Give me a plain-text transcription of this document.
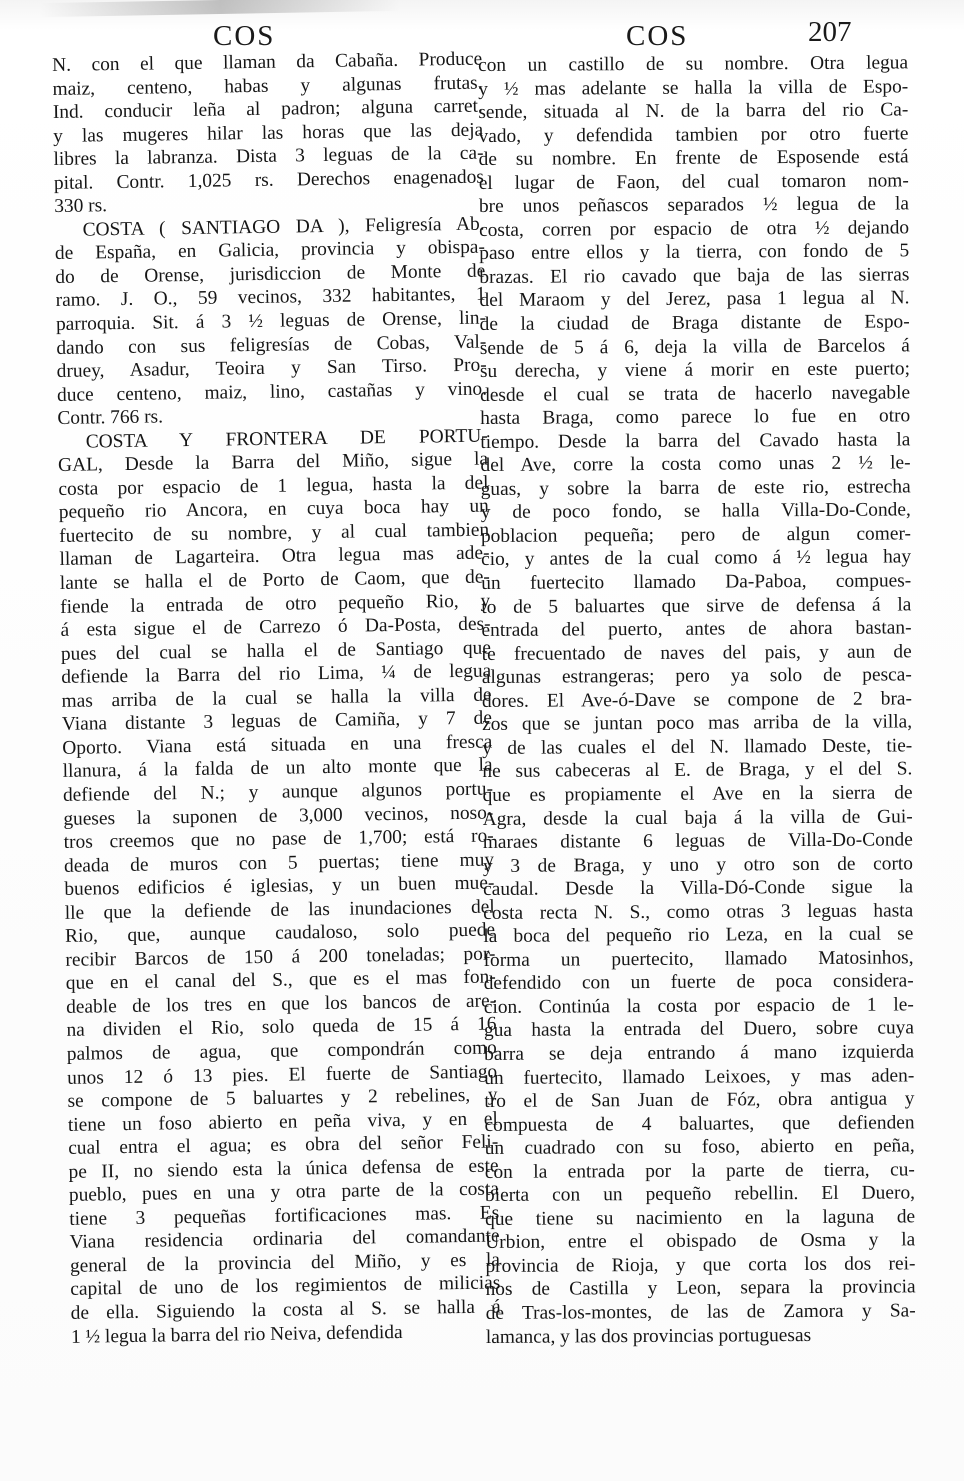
COS	COS	207
N. con el que llaman da Cabaña. Produce
maiz, centeno, habas y algunas frutas.
Ind. conducir leña al padron; alguna carret.
y las mugeres hilar las horas que las deja
libres la labranza. Dista 3 leguas de la ca-
pital. Contr. 1,025 rs. Derechos enagenados
330 rs.
COSTA ( SANTIAGO DA ), Feligresía Ab.
de España, en Galicia, provincia y obispa-
do de Orense, jurisdiccion de Monte de
ramo. J. O., 59 vecinos, 332 habitantes, 1
parroquia. Sit. á 3 ½ leguas de Orense, lin-
dando con sus feligresías de Cobas, Val-
druey, Asadur, Teoira y San Tirso. Pro-
duce centeno, maiz, lino, castañas y vino.
Contr. 766 rs.
COSTA Y FRONTERA DE PORTU-
GAL, Desde la Barra del Miño, sigue la
costa por espacio de 1 legua, hasta la del
pequeño rio Ancora, en cuya boca hay un
fuertecito de su nombre, y al cual tambien
llaman de Lagarteira. Otra legua mas ade-
lante se halla el de Porto de Caom, que de-
fiende la entrada de otro pequeño Rio, y
á esta sigue el de Carrezo ó Da-Posta, des-
pues del cual se halla el de Santiago que
defiende la Barra del rio Lima, ¼ de legua
mas arriba de la cual se halla la villa de
Viana distante 3 leguas de Camiña, y 7 de
Oporto. Viana está situada en una fresca
llanura, á la falda de un alto monte que la
defiende del N.; y aunque algunos portu-
gueses la suponen de 3,000 vecinos, noso-
tros creemos que no pase de 1,700; está ro-
deada de muros con 5 puertas; tiene muy
buenos edificios é iglesias, y un buen mue-
lle que la defiende de las inundaciones del
Rio, que, aunque caudaloso, solo puede
recibir Barcos de 150 á 200 toneladas; por-
que en el canal del S., que es el mas fon-
deable de los tres en que los bancos de are-
na dividen el Rio, solo queda de 15 á 16
palmos de agua, que compondrán como
unos 12 ó 13 pies. El fuerte de Santiago
se compone de 5 baluartes y 2 rebelines, y
tiene un foso abierto en peña viva, y en el
cual entra el agua; es obra del señor Feli-
pe II, no siendo esta la única defensa de este
pueblo, pues en una y otra parte de la costa
tiene 3 pequeñas fortificaciones mas. Es
Viana residencia ordinaria del comandante
general de la provincia del Miño, y es la
capital de uno de los regimientos de milicias
de ella. Siguiendo la costa al S. se halla á
1 ½ legua la barra del rio Neiva, defendida
con un castillo de su nombre. Otra legua
y ½ mas adelante se halla la villa de Espo-
sende, situada al N. de la barra del rio Ca-
vado, y defendida tambien por otro fuerte
de su nombre. En frente de Esposende está
el lugar de Faon, del cual tomaron nom-
bre unos peñascos separados ½ legua de la
costa, corren por espacio de otra ½ dejando
paso entre ellos y la tierra, con fondo de 5
brazas. El rio cavado que baja de las sierras
del Maraom y del Jerez, pasa 1 legua al N.
de la ciudad de Braga distante de Espo-
sende de 5 á 6, deja la villa de Barcelos á
su derecha, y viene á morir en este puerto;
desde el cual se trata de hacerlo navegable
hasta Braga, como parece lo fue en otro
tiempo. Desde la barra del Cavado hasta la
del Ave, corre la costa como unas 2 ½ le-
guas, y sobre la barra de este rio, estrecha
y de poco fondo, se halla Villa-Do-Conde,
poblacion pequeña; pero de algun comer-
cio, y antes de la cual como á ½ legua hay
un fuertecito llamado Da-Paboa, compues-
to de 5 baluartes que sirve de defensa á la
entrada del puerto, antes de ahora bastan-
te frecuentado de naves del pais, y aun de
algunas estrangeras; pero ya solo de pesca-
dores. El Ave-ó-Dave se compone de 2 bra-
zos que se juntan poco mas arriba de la villa,
y de las cuales el del N. llamado Deste, tie-
ne sus cabeceras al E. de Braga, y el del S.
que es propiamente el Ave en la sierra de
Agra, desde la cual baja á la villa de Gui-
maraes distante 6 leguas de Villa-Do-Conde
y 3 de Braga, y uno y otro son de corto
caudal. Desde la Villa-Dó-Conde sigue la
costa recta N. S., como otras 3 leguas hasta
la boca del pequeño rio Leza, en la cual se
forma un puertecito, llamado Matosinhos,
defendido con un fuerte de poca considera-
cion. Continúa la costa por espacio de 1 le-
gua hasta la entrada del Duero, sobre cuya
barra se deja entrando á mano izquierda
un fuertecito, llamado Leixoes, y mas aden-
tro el de San Juan de Fóz, obra antigua y
compuesta de 4 baluartes, que defienden
un cuadrado con su foso, abierto en peña,
con la entrada por la parte de tierra, cu-
bierta con un pequeño rebellin. El Duero,
que tiene su nacimiento en la laguna de
Urbion, entre el obispado de Osma y la
provincia de Rioja, y que corta los dos rei-
nos de Castilla y Leon, separa la provincia
de Tras-los-montes, de las de Zamora y Sa-
lamanca, y las dos provincias portuguesas
